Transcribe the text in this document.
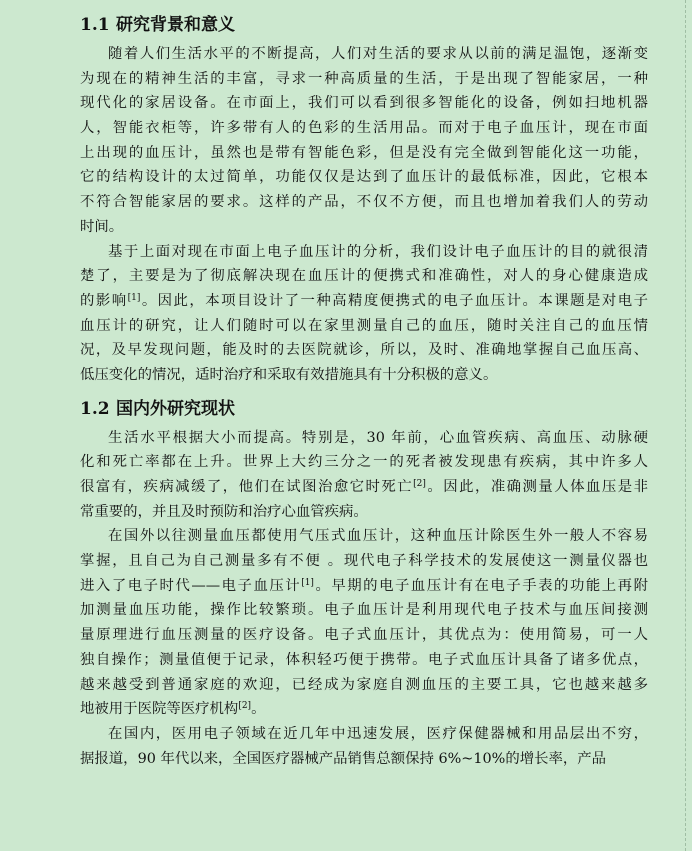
1.1 研究背景和意义
随着人们生活水平的不断提高，人们对生活的要求从以前的满足温饱，逐渐变
为现在的精神生活的丰富，寻求一种高质量的生活，于是出现了智能家居，一种
现代化的家居设备。在市面上，我们可以看到很多智能化的设备，例如扫地机器
人，智能衣柜等，许多带有人的色彩的生活用品。而对于电子血压计，现在市面
上出现的血压计，虽然也是带有智能色彩，但是没有完全做到智能化这一功能，
它的结构设计的太过简单，功能仅仅是达到了血压计的最低标准，因此，它根本
不符合智能家居的要求。这样的产品，不仅不方便，而且也增加着我们人的劳动
时间。
基于上面对现在市面上电子血压计的分析，我们设计电子血压计的目的就很清
楚了，主要是为了彻底解决现在血压计的便携式和准确性，对人的身心健康造成
的影响[1]。因此，本项目设计了一种高精度便携式的电子血压计。本课题是对电子
血压计的研究，让人们随时可以在家里测量自己的血压，随时关注自己的血压情
况，及早发现问题，能及时的去医院就诊，所以，及时、准确地掌握自己血压高、
低压变化的情况，适时治疗和采取有效措施具有十分积极的意义。
1.2 国内外研究现状
生活水平根据大小而提高。特别是，30 年前，心血管疾病、高血压、动脉硬
化和死亡率都在上升。世界上大约三分之一的死者被发现患有疾病，其中许多人
很富有，疾病减缓了，他们在试图治愈它时死亡[2]。因此，准确测量人体血压是非
常重要的，并且及时预防和治疗心血管疾病。
在国外以往测量血压都使用气压式血压计，这种血压计除医生外一般人不容易
掌握，且自己为自己测量多有不便 。现代电子科学技术的发展使这一测量仪器也
进入了电子时代——电子血压计[1]。早期的电子血压计有在电子手表的功能上再附
加测量血压功能，操作比较繁琐。电子血压计是利用现代电子技术与血压间接测
量原理进行血压测量的医疗设备。电子式血压计，其优点为：使用简易，可一人
独自操作；测量值便于记录，体积轻巧便于携带。电子式血压计具备了诸多优点，
越来越受到普通家庭的欢迎，已经成为家庭自测血压的主要工具，它也越来越多
地被用于医院等医疗机构[2]。
在国内，医用电子领域在近几年中迅速发展，医疗保健器械和用品层出不穷，
据报道，90 年代以来，全国医疗器械产品销售总额保持 6%~10%的增长率，产品
